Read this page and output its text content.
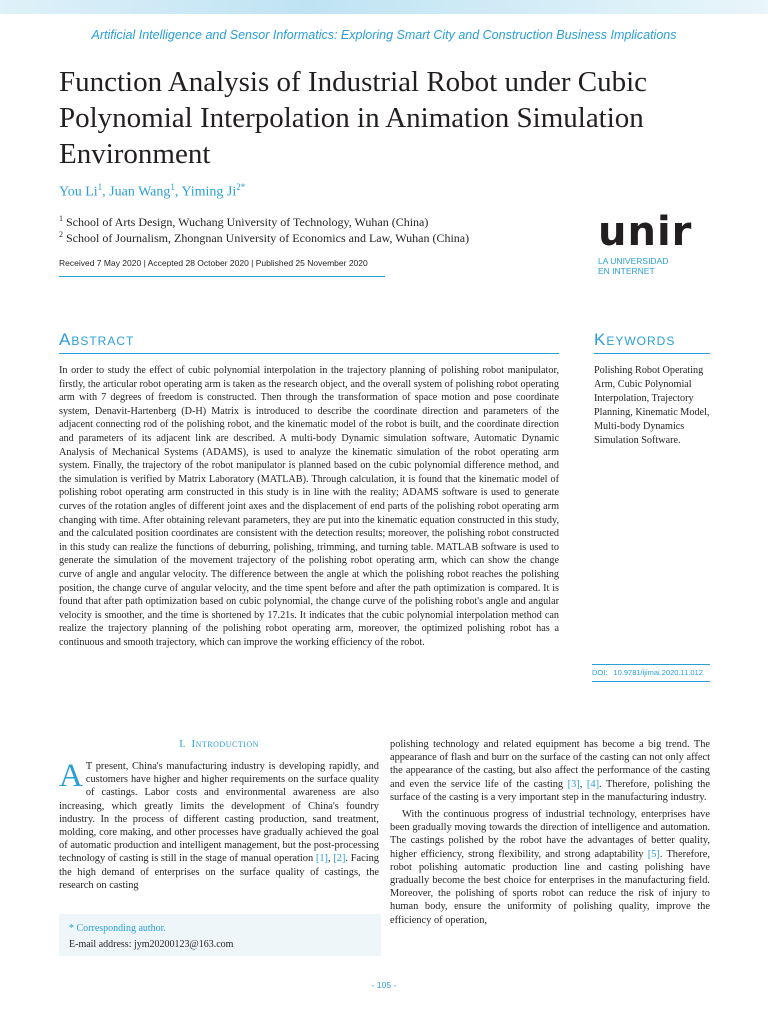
Artificial Intelligence and Sensor Informatics: Exploring Smart City and Construction Business Implications
Function Analysis of Industrial Robot under Cubic Polynomial Interpolation in Animation Simulation Environment
You Li$^1$, Juan Wang$^1$, Yiming $Ji^{2*}$
$^1$ School of Arts Design, Wuchang University of Technology, Wuhan (China)
$^2$ School of Journalism, Zhongnan University of Economics and Law, Wuhan (China)
Received 7 May 2020 | Accepted 28 October 2020 | Published 25 November 2020
unir
LA UNIVERSIDAD
EN INTERNET
Abstract
In order to study the effect of cubic polynomial interpolation in the trajectory planning of polishing robot manipulator, firstly, the articular robot operating arm is taken as the research object, and the overall system of polishing robot operating arm with 7 degrees of freedom is constructed. Then through the transformation of space motion and pose coordinate system, Denavit-Hartenberg (D-H) Matrix is introduced to describe the coordinate direction and parameters of the adjacent connecting rod of the polishing robot, and the kinematic model of the robot is built, and the coordinate direction and parameters of its adjacent link are described. A multi-body Dynamic simulation software, Automatic Dynamic Analysis of Mechanical Systems (ADAMS), is used to analyze the kinematic simulation of the robot operating arm system. Finally, the trajectory of the robot manipulator is planned based on the cubic polynomial difference method, and the simulation is verified by Matrix Laboratory (MATLAB). Through calculation, it is found that the kinematic model of polishing robot operating arm constructed in this study is in line with the reality; ADAMS software is used to generate curves of the rotation angles of different joint axes and the displacement of end parts of the polishing robot operating arm changing with time. After obtaining relevant parameters, they are put into the kinematic equation constructed in this study, and the calculated position coordinates are consistent with the detection results; moreover, the polishing robot constructed in this study can realize the functions of deburring, polishing, trimming, and turning table. MATLAB software is used to generate the simulation of the movement trajectory of the polishing robot operating arm, which can show the change curve of angle and angular velocity. The difference between the angle at which the polishing robot reaches the polishing position, the change curve of angular velocity, and the time spent before and after the path optimization is compared. It is found that after path optimization based on cubic polynomial, the change curve of the polishing robot's angle and angular velocity is smoother, and the time is shortened by 17.21s. It indicates that the cubic polynomial interpolation method can realize the trajectory planning of the polishing robot operating arm, moreover, the optimized polishing robot has a continuous and smooth trajectory, which can improve the working efficiency of the robot.
Keywords
Polishing Robot Operating Arm, Cubic Polynomial Interpolation, Trajectory Planning, Kinematic Model, Multi-body Dynamics Simulation Software.
DOI: 10.9781/ijimai.2020.11.012
I. Introduction
A T present, China's manufacturing industry is developing rapidly, and customers have higher and higher requirements on the surface quality of castings. Labor costs and environmental awareness are also increasing, which greatly limits the development of China's foundry industry. In the process of different casting production, sand treatment, molding, core making, and other processes have gradually achieved the goal of automatic production and intelligent management, but the post-processing technology of casting is still in the stage of manual operation [1], [2]. Facing the high demand of enterprises on the surface quality of castings, the research on casting
* Corresponding author.
E-mail address: jym20200123@163.com

polishing technology and related equipment has become a big trend. The appearance of flash and burr on the surface of the casting can not only affect the appearance of the casting, but also affect the performance of the casting and even the service life of the casting [3], [4]. Therefore, polishing the surface of the casting is a very important step in the manufacturing industry.

With the continuous progress of industrial technology, enterprises have been gradually moving towards the direction of intelligence and automation. The castings polished by the robot have the advantages of better quality, higher efficiency, strong flexibility, and strong adaptability [5]. Therefore, robot polishing automatic production line and casting polishing have gradually become the best choice for enterprises in the manufacturing field. Moreover, the polishing of sports robot can reduce the risk of injury to human body, ensure the uniformity of polishing quality, improve the efficiency of operation,

- 105 -
